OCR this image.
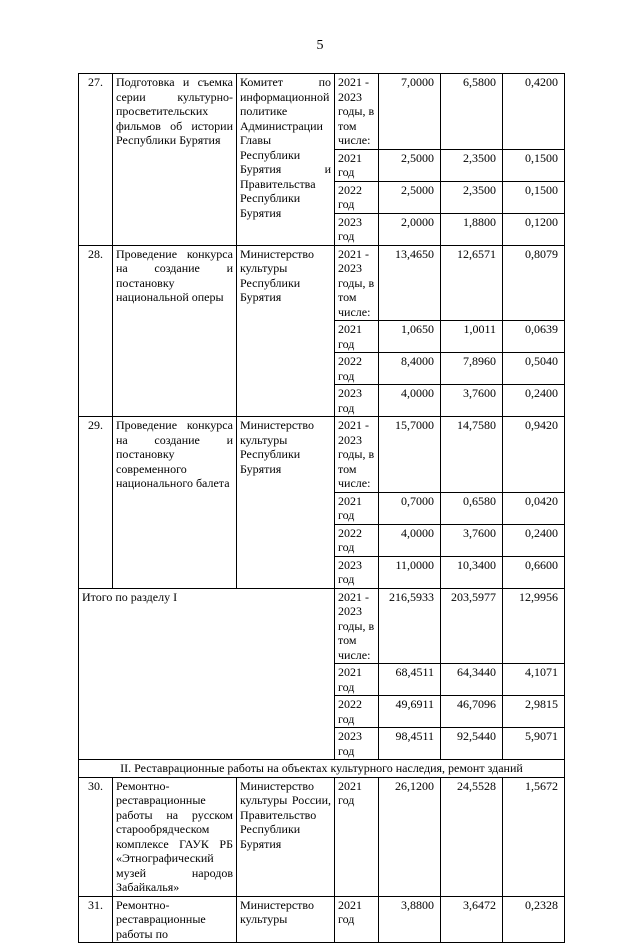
5
27.	Подготовка и съемка серии культурно-просветительских фильмов об истории Республики Бурятия	Комитет по информационной политике Администрации Главы Республики Бурятия и Правительства Республики Бурятия	2021 - 2023 годы, в том числе:	7,0000	6,5800	0,4200
			2021 год	2,5000	2,3500	0,1500
			2022 год	2,5000	2,3500	0,1500
			2023 год	2,0000	1,8800	0,1200
28.	Проведение конкурса на создание и постановку национальной оперы	Министерство культуры Республики Бурятия	2021 - 2023 годы, в том числе:	13,4650	12,6571	0,8079
			2021 год	1,0650	1,0011	0,0639
			2022 год	8,4000	7,8960	0,5040
			2023 год	4,0000	3,7600	0,2400
29.	Проведение конкурса на создание и постановку современного национального балета	Министерство культуры Республики Бурятия	2021 - 2023 годы, в том числе:	15,7000	14,7580	0,9420
			2021 год	0,7000	0,6580	0,0420
			2022 год	4,0000	3,7600	0,2400
			2023 год	11,0000	10,3400	0,6600
Итого по разделу I			2021 - 2023 годы, в том числе:	216,5933	203,5977	12,9956
			2021 год	68,4511	64,3440	4,1071
			2022 год	49,6911	46,7096	2,9815
			2023 год	98,4511	92,5440	5,9071
II. Реставрационные работы на объектах культурного наследия, ремонт зданий						
30.	Ремонтно-реставрационные работы на русском старообрядческом комплексе ГАУК РБ «Этнографический музей народов Забайкалья»	Министерство культуры России, Правительство Республики Бурятия	2021 год	26,1200	24,5528	1,5672
31.	Ремонтно-реставрационные работы по	Министерство культуры	2021 год	3,8800	3,6472	0,2328
